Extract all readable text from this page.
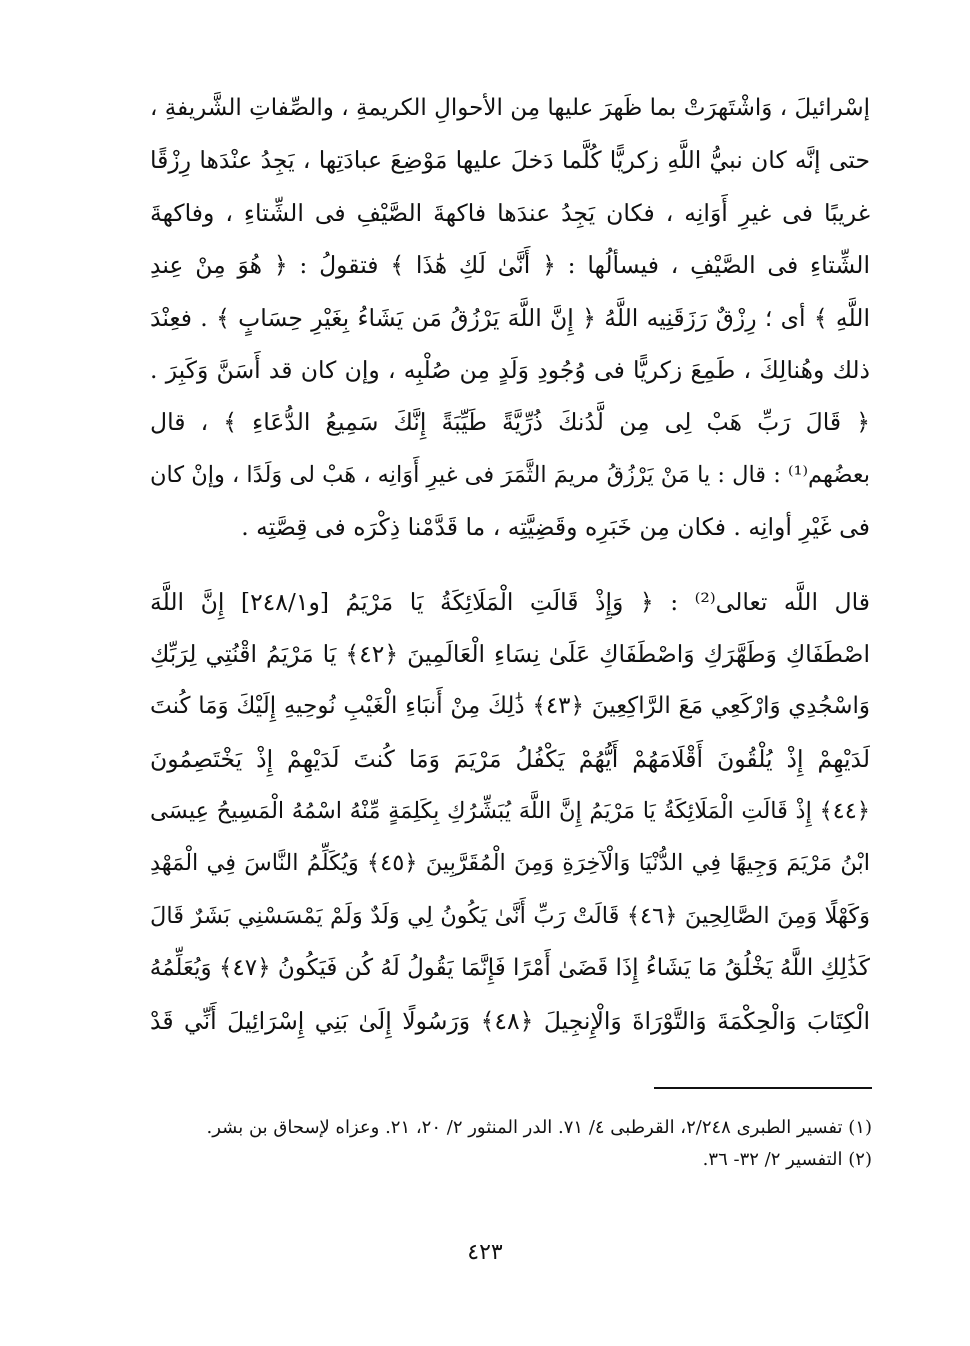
إسْرائيلَ ، وَاشْتَهرَتْ بما ظَهرَ عليها مِن الأحوالِ الكريمةِ ، والصِّفاتِ الشَّريفةِ ،
حتى إنَّه كان نبيُّ اللَّهِ زكريًّا كُلَّما دَخلَ عليها مَوْضِعَ عبادَتِها ، يَجِدُ عنْدَها رِزْقًا
غريبًا فى غيرِ أَوَانِه ، فكان يَجِدُ عندَها فاكهةَ الصَّيْفِ فى الشِّتاءِ ، وفاكهةَ
الشِّتاءِ فى الصَّيْفِ ، فيسألُها : ﴿ أَنَّىٰ لَكِ هَٰذَا ﴾ فتقولُ : ﴿ هُوَ مِنْ عِندِ
اللَّهِ ﴾ أى ؛ رِزْقٌ رَزَقَنِيه اللَّهُ ﴿ إِنَّ اللَّهَ يَرْزُقُ مَن يَشَاءُ بِغَيْرِ حِسَابٍ ﴾ . فعِنْدَ
ذلك وهُنالِكَ ، طَمِعَ زكريًّا فى وُجُودِ وَلَدٍ مِن صُلْبِه ، وإن كان قد أَسَنَّ وَكَبِرَ .
﴿ قَالَ رَبِّ هَبْ لِى مِن لَّدُنكَ ذُرِّيَّةً طَيِّبَةً إِنَّكَ سَمِيعُ الدُّعَاءِ ﴾ ، قال
بعضُهم⁽¹⁾ : قال : يا مَنْ يَرْزُقُ مريمَ الثَّمَرَ فى غيرِ أَوَانِه ، هَبْ لى وَلَدًا ، وإنْ كان
فى غَيْرِ أوانِه . فكان مِن خَبَرِه وقَضِيَّتِه ، ما قَدَّمْنا ذِكْرَه فى قِصَّتِه .
قال اللَّه تعالى⁽²⁾ : ﴿ وَإِذْ قَالَتِ الْمَلَائِكَةُ يَا مَرْيَمُ [و٢٤٨/١] إِنَّ اللَّهَ
اصْطَفَاكِ وَطَهَّرَكِ وَاصْطَفَاكِ عَلَىٰ نِسَاءِ الْعَالَمِينَ ﴿٤٢﴾ يَا مَرْيَمُ اقْنُتِي لِرَبِّكِ
وَاسْجُدِي وَارْكَعِي مَعَ الرَّاكِعِينَ ﴿٤٣﴾ ذَٰلِكَ مِنْ أَنبَاءِ الْغَيْبِ نُوحِيهِ إِلَيْكَ وَمَا كُنتَ
لَدَيْهِمْ إِذْ يُلْقُونَ أَقْلَامَهُمْ أَيُّهُمْ يَكْفُلُ مَرْيَمَ وَمَا كُنتَ لَدَيْهِمْ إِذْ يَخْتَصِمُونَ
﴿٤٤﴾ إِذْ قَالَتِ الْمَلَائِكَةُ يَا مَرْيَمُ إِنَّ اللَّهَ يُبَشِّرُكِ بِكَلِمَةٍ مِّنْهُ اسْمُهُ الْمَسِيحُ عِيسَى
ابْنُ مَرْيَمَ وَجِيهًا فِي الدُّنْيَا وَالْآخِرَةِ وَمِنَ الْمُقَرَّبِينَ ﴿٤٥﴾ وَيُكَلِّمُ النَّاسَ فِي الْمَهْدِ
وَكَهْلًا وَمِنَ الصَّالِحِينَ ﴿٤٦﴾ قَالَتْ رَبِّ أَنَّىٰ يَكُونُ لِي وَلَدٌ وَلَمْ يَمْسَسْنِي بَشَرٌ قَالَ
كَذَٰلِكِ اللَّهُ يَخْلُقُ مَا يَشَاءُ إِذَا قَضَىٰ أَمْرًا فَإِنَّمَا يَقُولُ لَهُ كُن فَيَكُونُ ﴿٤٧﴾ وَيُعَلِّمُهُ
الْكِتَابَ وَالْحِكْمَةَ وَالتَّوْرَاةَ وَالْإِنجِيلَ ﴿٤٨﴾ وَرَسُولًا إِلَىٰ بَنِي إِسْرَائِيلَ أَنِّي قَدْ
(١) تفسير الطبرى ٢/٢٤٨، القرطبى ٤/ ٧١. الدر المنثور ٢/ ٢٠، ٢١. وعزاه لإسحاق بن بشر.
(٢) التفسير ٢/ ٣٢- ٣٦.
٤٢٣
